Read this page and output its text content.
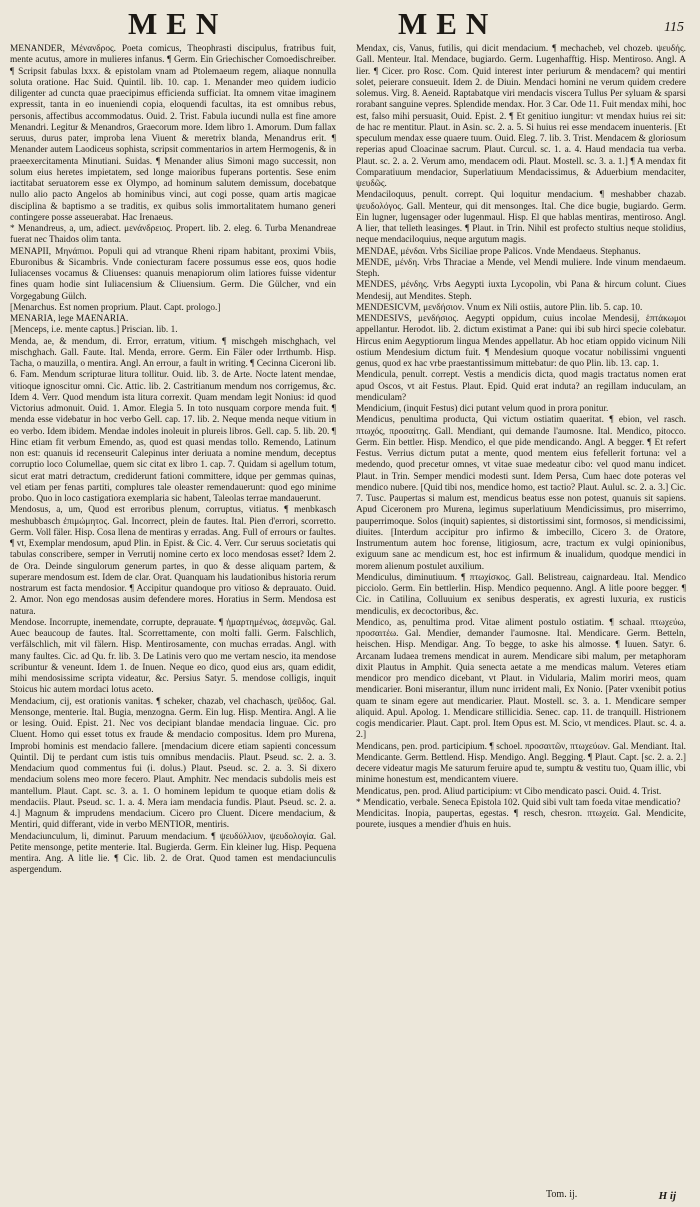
MEN	MEN	115

MENANDER, Μένανδρος. Poeta comicus, Theophrasti discipulus, fratribus fuit, mente acutus, amore in mulieres infanus. ¶ Germ. Ein Griechischer Comoedischreiber. ¶ Scripsit fabulas lxxx. & epistolam vnam ad Ptolemaeum regem, aliaque nonnulla soluta oratione. Hac Suid. Quintil. lib. 10. cap. 1. Menander meo quidem iudicio diligenter ad cuncta quae praecipimus efficienda sufficiat. Ita omnem vitae imaginem expressit, tanta in eo inueniendi copia, eloquendi facultas, ita est omnibus rebus, personis, affectibus accommodatus. Ouid. 2. Trist. Fabula iucundi nulla est fine amore Menandri. Legitur & Menandros, Graecorum more. Idem libro 1. Amorum. Dum fallax seruus, durus pater, improba lena Viuent & meretrix blanda, Menandrus erit. ¶ Menander autem Laodiceus sophista, scripsit commentarios in artem Hermogenis, & in praeexercitamenta Minutiani. Suidas. ¶ Menander alius Simoni mago successit, non solum eius heretes impietatem, sed longe maioribus fuperans portentis. Sese enim iactitabat seruatorem esse ex Olympo, ad hominum salutem demissum, docebatque nullo alio pacto Angelos ab hominibus vinci, aut cogi posse, quam artis magicae disciplina & baptismo a se traditis, ex quibus solis immortalitatem humano generi contingere posse asseuerabat. Hac Irenaeus.

* Menandreus, a, um, adiect. μενάνδρειος. Propert. lib. 2. eleg. 6. Turba Menandreae fuerat nec Thaidos olim tanta.

MENAPII, Μηνάπιοι. Populi qui ad vtranque Rheni ripam habitant, proximi Vbiis, Eburonibus & Sicambris. Vnde coniecturam facere possumus esse eos, quos hodie Iuliacenses vocamus & Cliuenses: quanuis menapiorum olim latiores fuisse videntur fines quam hodie sint Iuliacensium & Cliuensium. Germ. Die Gülcher, vnd ein Vorgegabung Gülch.

[Menarchus. Est nomen proprium. Plaut. Capt. prologo.]

MENARIA, lege MAENARIA.

[Menceps, i.e. mente captus.] Priscian. lib. 1.

Menda, ae, & mendum, di. Error, erratum, vitium. ¶ mischgeh mischghach, vel mischghach. Gall. Faute. Ital. Menda, errore. Germ. Ein Fäler oder Irrthumb. Hisp. Tacha, o mauzilla, o mentira. Angl. An errour, a fault in writing. ¶ Cecinna Ciceroni lib. 6. Fam. Mendum scripturae litura tollitur. Ouid. lib. 3. de Arte. Nocte latent mendae, vitioque ignoscitur omni. Cic. Attic. lib. 2. Castritianum mendum nos corrigemus, &c. Idem 4. Verr. Quod mendum ista litura correxit. Quam mendam legit Nonius: id quod Victorius admonuit. Ouid. 1. Amor. Elegia 5. In toto nusquam corpore menda fuit. ¶ menda esse videbatur in hoc verbo Gell. cap. 17. lib. 2. Neque menda neque vitium in eo verbo. Idem ibidem. Mendae indoles inoleuit in plureis libros. Gell. cap. 5. lib. 20. ¶ Hinc etiam fit verbum Emendo, as, quod est quasi mendas tollo. Remendo, Latinum non est: quanuis id recenseurit Calepinus inter deriuata a nomine mendum, deceptus corruptio loco Columellae, quem sic citat ex libro 1. cap. 7. Quidam si agellum totum, sicut erat matri detractum, crediderunt fationi committere, idque per gemmas quinas, vel etiam per fenas partiti, complures tale oleaster remendauerunt: quod ego minime probo. Quo in loco castigatiora exemplaria sic habent, Taleolas terrae mandauerunt.

Mendosus, a, um, Quod est erroribus plenum, corruptus, vitiatus. ¶ menbkasch meshubbasch ἐπιμώμητος. Gal. Incorrect, plein de fautes. Ital. Pien d'errori, scorretto. Germ. Voll fäler. Hisp. Cosa llena de mentiras y erradas. Ang. Full of errours or faultes. ¶ vt, Exemplar mendosum, apud Plin. in Epist. & Cic. 4. Verr. Cur seruus societatis qui tabulas conscribere, semper in Verrutij nomine certo ex loco mendosas esset? Idem 2. de Ora. Deinde singulorum generum partes, in quo & desse aliquam partem, & superare mendosum est. Idem de clar. Orat. Quanquam his laudationibus historia rerum nostrarum est facta mendosior. ¶ Accipitur quandoque pro vitioso & deprauato. Ouid. 2. Amor. Non ego mendosas ausim defendere mores. Horatius in Serm. Mendosa est natura.

Mendose. Incorrupte, inemendate, corrupte, deprauate. ¶ ἡμαρτημένως, ἀσεμνῶς. Gal. Auec beaucoup de fautes. Ital. Scorrettamente, con molti falli. Germ. Falschlich, verfälschlich, mit vil fälern. Hisp. Mentirosamente, con muchas erradas. Angl. with many faultes. Cic. ad Qu. fr. lib. 3. De Latinis vero quo me vertam nescio, ita mendose scribuntur & veneunt. Idem 1. de Inuen. Neque eo dico, quod eius ars, quam edidit, mihi mendosissime scripta videatur, &c. Persius Satyr. 5. mendose colligis, inquit Stoicus hic autem mordaci lotus aceto.

Mendacium, cij, est orationis vanitas. ¶ scheker, chazab, vel chachasch, ψεῦδος. Gal. Mensonge, menterie. Ital. Bugia, menzogna. Germ. Ein lug. Hisp. Mentira. Angl. A lie or lesing. Ouid. Epist. 21. Nec vos decipiant blandae mendacia linguae. Cic. pro Cluent. Homo qui esset totus ex fraude & mendacio compositus. Idem pro Murena, Improbi hominis est mendacio fallere. [mendacium dicere etiam sapienti concessum Quintil. Dij te perdant cum istis tuis omnibus mendaciis. Plaut. Pseud. sc. 2. a. 3. Mendacium quod commentus fui (i. dolus.) Plaut. Pseud. sc. 2. a. 3. Si dixero mendacium solens meo more fecero. Plaut. Amphitr. Nec mendacis subdolis meis est mantellum. Plaut. Capt. sc. 3. a. 1. O hominem lepidum te quoque etiam dolis & mendaciis. Plaut. Pseud. sc. 1. a. 4. Mera iam mendacia fundis. Plaut. Pseud. sc. 2. a. 4.] Magnum & imprudens mendacium. Cicero pro Cluent. Dicere mendacium, & Mentiri, quid differant, vide in verbo MENTIOR, mentiris.

Mendaciunculum, li, diminut. Paruum mendacium. ¶ ψευδύλλιον, ψευδολογία. Gal. Petite mensonge, petite menterie. Ital. Bugierda. Germ. Ein kleiner lug. Hisp. Pequena mentira. Ang. A litle lie. ¶ Cic. lib. 2. de Orat. Quod tamen est mendaciunculis aspergendum.

Mendax, cis, Vanus, futilis, qui dicit mendacium. ¶ mechacheb, vel chozeb. ψευδής. Gall. Menteur. Ital. Mendace, bugiardo. Germ. Lugenhafftig. Hisp. Mentiroso. Angl. A lier. ¶ Cicer. pro Rosc. Com. Quid interest inter periurum & mendacem? qui mentiri solet, peierare consueuit. Idem 2. de Diuin. Mendaci homini ne verum quidem credere solemus. Virg. 8. Aeneid. Raptabatque viri mendacis viscera Tullus Per syluam & sparsi rorabant sanguine vepres. Splendide mendax. Hor. 3 Car. Ode 11. Fuit mendax mihi, hoc est, falso mihi persuasit, Ouid. Epist. 2. ¶ Et genitiuo iungitur: vt mendax huius rei sit: de hac re mentitur. Plaut. in Asin. sc. 2. a. 5. Si huius rei esse mendacem inuenteris. [Et speculum mendax esse quaere tuum. Ouid. Eleg. 7. lib. 3. Trist. Mendacem & gloriosum reperias apud Cloacinae sacrum. Plaut. Curcul. sc. 1. a. 4. Haud mendacia tua verba. Plaut. sc. 2. a. 2. Verum amo, mendacem odi. Plaut. Mostell. sc. 3. a. 1.] ¶ A mendax fit Comparatiuum mendacior, Superlatiuum Mendacissimus, & Aduerbium mendaciter, ψευδῶς.

Mendaciloquus, penult. corrept. Qui loquitur mendacium. ¶ meshabber chazab. ψευδολόγος. Gall. Menteur, qui dit mensonges. Ital. Che dice bugie, bugiardo. Germ. Ein lugner, lugensager oder lugenmaul. Hisp. El que hablas mentiras, mentiroso. Angl. A lier, that telleth leasinges. ¶ Plaut. in Trin. Nihil est profecto stultius neque stolidius, neque mendaciloquius, neque argutum magis.

MENDAE, μένδαι. Vrbs Siciliae prope Palicos. Vnde Mendaeus. Stephanus.

MENDE, μένδη. Vrbs Thraciae a Mende, vel Mendi muliere. Inde vinum mendaeum. Steph.

MENDES, μένδης. Vrbs Aegypti iuxta Lycopolin, vbi Pana & hircum colunt. Ciues Mendesij, aut Mendites. Steph.

MENDESICVM, μενδήσιον. Vnum ex Nili ostiis, autore Plin. lib. 5. cap. 10.

MENDESIVS, μενδήσιος. Aegypti oppidum, cuius incolae Mendesij, ἑπτάκωμοι appellantur. Herodot. lib. 2. dictum existimat a Pane: qui ibi sub hirci specie colebatur. Hircus enim Aegyptiorum lingua Mendes appellatur. Ab hoc etiam oppido vicinum Nili ostium Mendesium dictum fuit. ¶ Mendesium quoque vocatur nobilissimi vnguenti genus, quod ex hac vrbe praestantissimum mittebatur: de quo Plin. lib. 13. cap. 1.

Mendicula, penult. corrept. Vestis a mendicis dicta, quod magis tractatus nomen erat apud Oscos, vt ait Festus. Plaut. Epid. Quid erat induta? an regillam induculam, an mendiculam?

Mendicium, (inquit Festus) dici putant velum quod in prora ponitur.

Mendicus, penultima producta, Qui victum ostiatim quaeritat. ¶ ebion, vel rasch. πτωχός, προσαίτης. Gall. Mendiant, qui demande l'aumosne. Ital. Mendico, pitocco. Germ. Ein bettler. Hisp. Mendico, el que pide mendicando. Angl. A begger. ¶ Et refert Festus. Verrius dictum putat a mente, quod mentem eius fefellerit fortuna: vel a medendo, quod precetur omnes, vt vitae suae medeatur cibo: vel quod manu indicet. Plaut. in Trin. Semper mendici modesti sunt. Idem Persa, Cum haec dote poteras vel mendico nubere. [Quid tibi nos, mendice homo, est tactio? Plaut. Aulul. sc. 2. a. 3.] Cic. 7. Tusc. Paupertas si malum est, mendicus beatus esse non potest, quanuis sit sapiens. Apud Ciceronem pro Murena, legimus superlatiuum Mendicissimus, pro miserrimo, pauperrimoque. Solos (inquit) sapientes, si distortissimi sint, formosos, si mendicissimi, diuites. [Interdum accipitur pro infirmo & imbecillo, Cicero 3. de Oratore, Instrumentum autem hoc forense, litigiosum, acre, tractum ex vulgi opinionibus, exiguum sane ac mendicum est, hoc est infirmum & inualidum, quodque mendici in morem alienum postulet auxilium.

Mendiculus, diminutiuum. ¶ πτωχίσκος. Gall. Belistreau, caignardeau. Ital. Mendico picciolo. Germ. Ein bettlerlin. Hisp. Mendico pequenno. Angl. A litle poore begger. ¶ Cic. in Catilina, Colluuium ex senibus desperatis, ex agresti luxuria, ex rusticis mendiculis, ex decoctoribus, &c.

Mendico, as, penultima prod. Vitae aliment postulo ostiatim. ¶ schaal. πτωχεύω, προσαιτέω. Gal. Mendier, demander l'aumosne. Ital. Mendicare. Germ. Betteln, heischen. Hisp. Mendigar. Ang. To begge, to aske his almosse. ¶ Iuuen. Satyr. 6. Arcanam Iudaea tremens mendicat in aurem. Mendicare sibi malum, per metaphoram dixit Plautus in Amphit. Quia senecta aetate a me mendicas malum. Veteres etiam mendicor pro mendico dicebant, vt Plaut. in Vidularia, Malim moriri meos, quam mendicarier. Boni miserantur, illum nunc irrident mali, Ex Nonio. [Pater vxenibit potius quam te sinam egere aut mendicarier. Plaut. Mostell. sc. 3. a. 1. Mendicare semper aliquid. Apul. Apolog. 1. Mendicare stillicidia. Senec. cap. 11. de tranquill. Histrionem cogis mendicarier. Plaut. Capt. prol. Item Opus est. M. Scio, vt mendices. Plaut. sc. 4. a. 2.]

Mendicans, pen. prod. participium. ¶ schoel. προσαιτῶν, πτωχεύων. Gal. Mendiant. Ital. Mendicante. Germ. Bettlend. Hisp. Mendigo. Angl. Begging. ¶ Plaut. Capt. [sc. 2. a. 2.] decere videatur magis Me saturum feruire apud te, sumptu & vestitu tuo, Quam illic, vbi minime honestum est, mendicantem viuere.

Mendicatus, pen. prod. Aliud participium: vt Cibo mendicato pasci. Ouid. 4. Trist.

* Mendicatio, verbale. Seneca Epistola 102. Quid sibi vult tam foeda vitae mendicatio?

Mendicitas. Inopia, paupertas, egestas. ¶ resch, chesron. πτωχεία. Gal. Mendicite, pourete, iusques a mendier d'huis en huis.

Tom. ij.	H ij
